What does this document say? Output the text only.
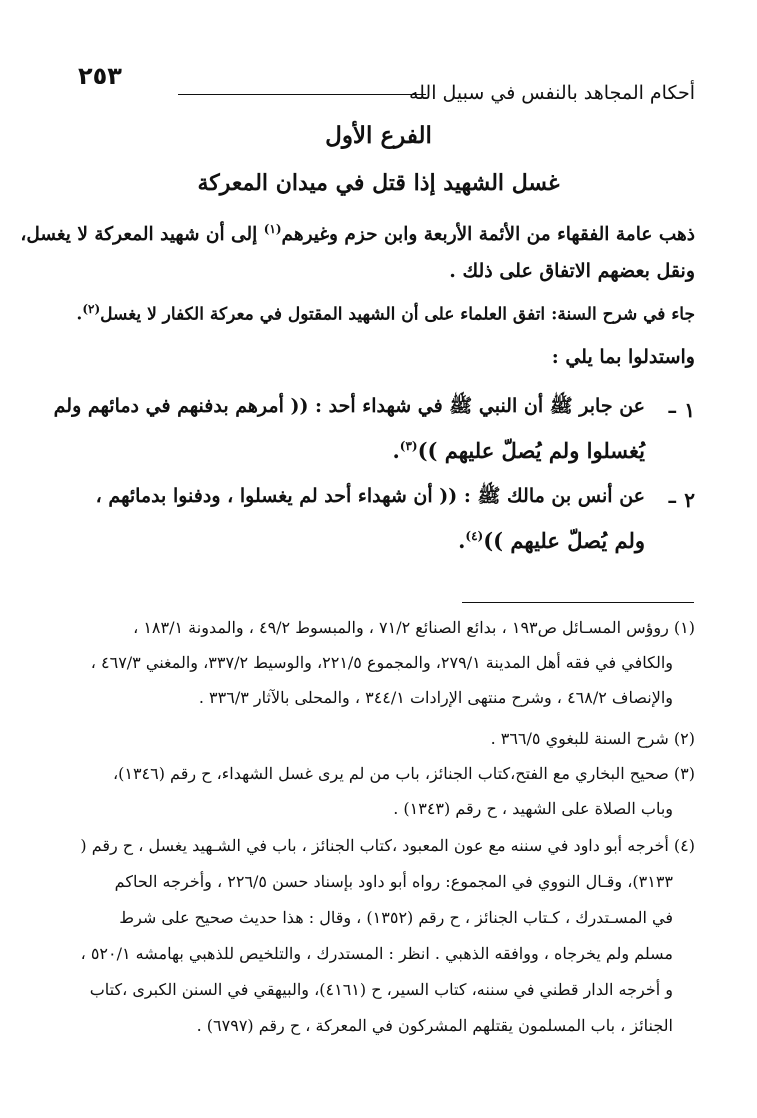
٢٥٣
أحكام المجاهد بالنفس في سبيل الله
الفرع الأول
غسل الشهيد إذا قتل في ميدان المعركة
ذهب عامة الفقهاء من الأئمة الأربعة وابن حزم وغيرهم$^{(١)}$ إلى أن شهيد المعركة لا يغسل،
ونقل بعضهم الاتفاق على ذلك .
جاء في شرح السنة: اتفق العلماء على أن الشهيد المقتول في معركة الكفار لا يغسل$^{(٢)}$.
واستدلوا بما يلي :
١ –
عن جابر ﷺ أن النبي ﷺ في شهداء أحد : (( أمرهم بدفنهم في دمائهم ولم
يُغسلوا ولم يُصلّ عليهم ))$^{(٣)}$.
٢ –
عن أنس بن مالك ﷺ : (( أن شهداء أحد لم يغسلوا ، ودفنوا بدمائهم ،
ولم يُصلّ عليهم ))$^{(٤)}$.
(١) روؤس المسـائل ص١٩٣ ، بدائع الصنائع ٧١/٢ ، والمبسوط ٤٩/٢ ، والمدونة ١٨٣/١ ،
والكافي في فقه أهل المدينة ٢٧٩/١، والمجموع ٢٢١/٥، والوسيط ٣٣٧/٢، والمغني ٤٦٧/٣ ،
والإنصاف ٤٦٨/٢ ، وشرح منتهى الإرادات ٣٤٤/١ ، والمحلى بالآثار ٣٣٦/٣ .
(٢) شرح السنة للبغوي ٣٦٦/٥ .
(٣) صحيح البخاري مع الفتح،كتاب الجنائز، باب من لم يرى غسل الشهداء، ح رقم (١٣٤٦)،
وباب الصلاة على الشهيد ، ح رقم (١٣٤٣) .
(٤) أخرجه أبو داود في سننه مع عون المعبود ،كتاب الجنائز ، باب في الشـهيد يغسل ، ح رقم (
٣١٣٣)، وقـال النووي في المجموع: رواه أبو داود بإسناد حسن ٢٢٦/٥ ، وأخرجه الحاكم
في المسـتدرك ، كـتاب الجنائز ، ح رقم (١٣٥٢) ، وقال : هذا حديث صحيح على شرط
مسلم ولم يخرجاه ، ووافقه الذهبي . انظر : المستدرك ، والتلخيص للذهبي بهامشه ٥٢٠/١ ،
و أخرجه الدار قطني في سننه، كتاب السير، ح (٤١٦١)، والبيهقي في السنن الكبرى ،كتاب
الجنائز ، باب المسلمون يقتلهم المشركون في المعركة ، ح رقم (٦٧٩٧) .
